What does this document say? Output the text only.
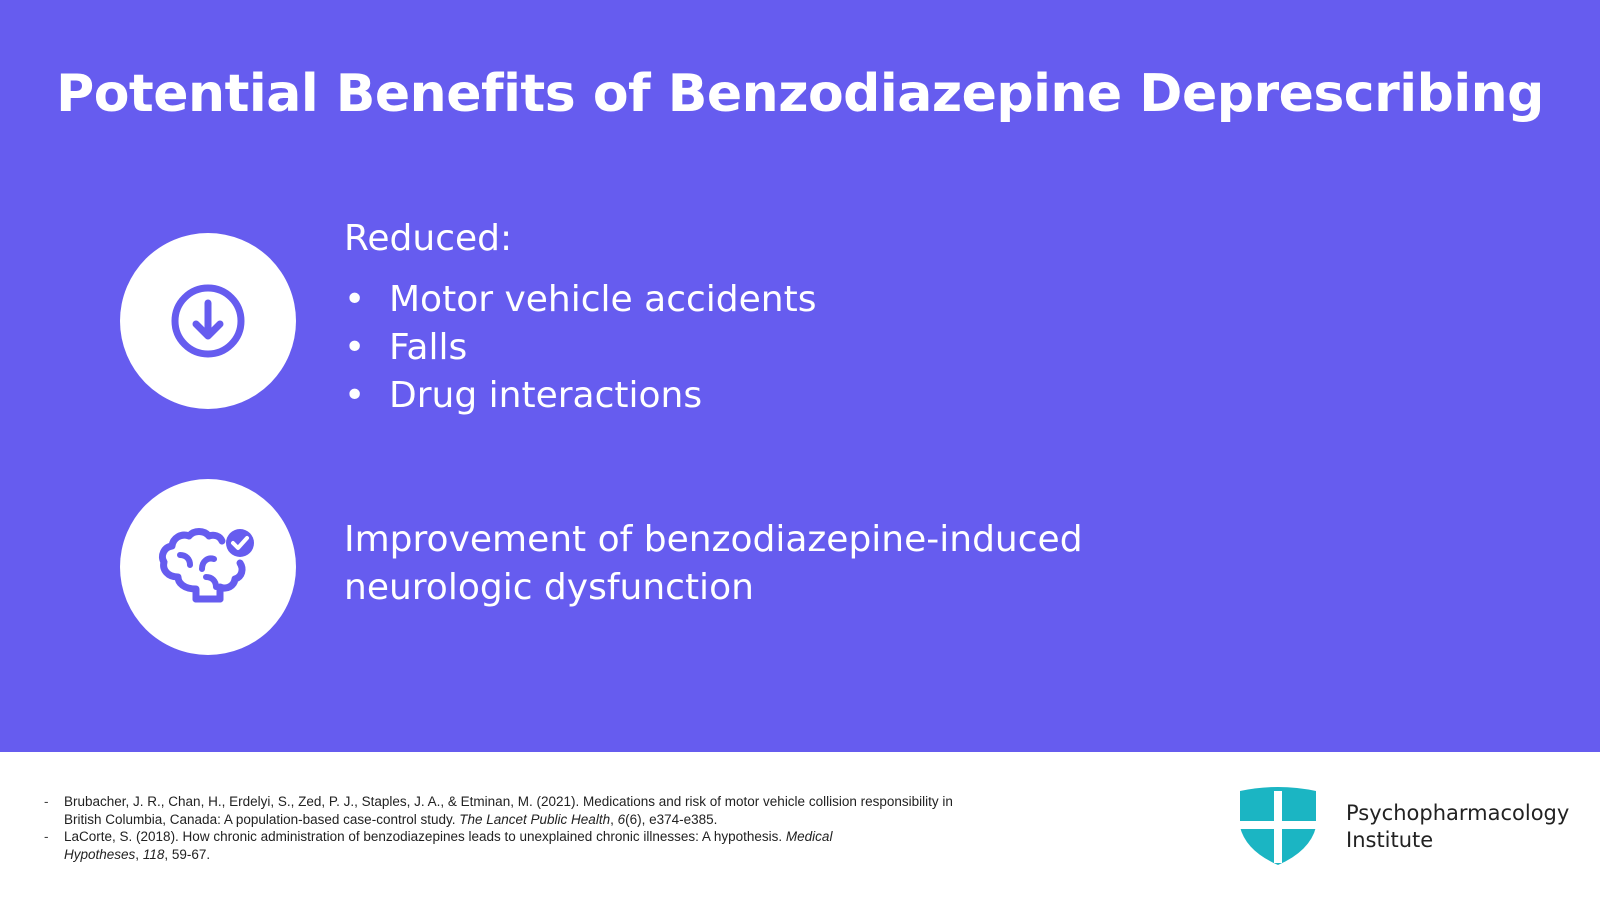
Potential Benefits of Benzodiazepine Deprescribing
Reduced:
• Motor vehicle accidents
• Falls
• Drug interactions
Improvement of benzodiazepine-induced
neurologic dysfunction
-	Brubacher, J. R., Chan, H., Erdelyi, S., Zed, P. J., Staples, J. A., & Etminan, M. (2021). Medications and risk of motor vehicle collision responsibility in British Columbia, Canada: A population-based case-control study. The Lancet Public Health, 6(6), e374-e385.
-	LaCorte, S. (2018). How chronic administration of benzodiazepines leads to unexplained chronic illnesses: A hypothesis. Medical
Hypotheses, 118, 59-67.
Psychopharmacology
Institute
